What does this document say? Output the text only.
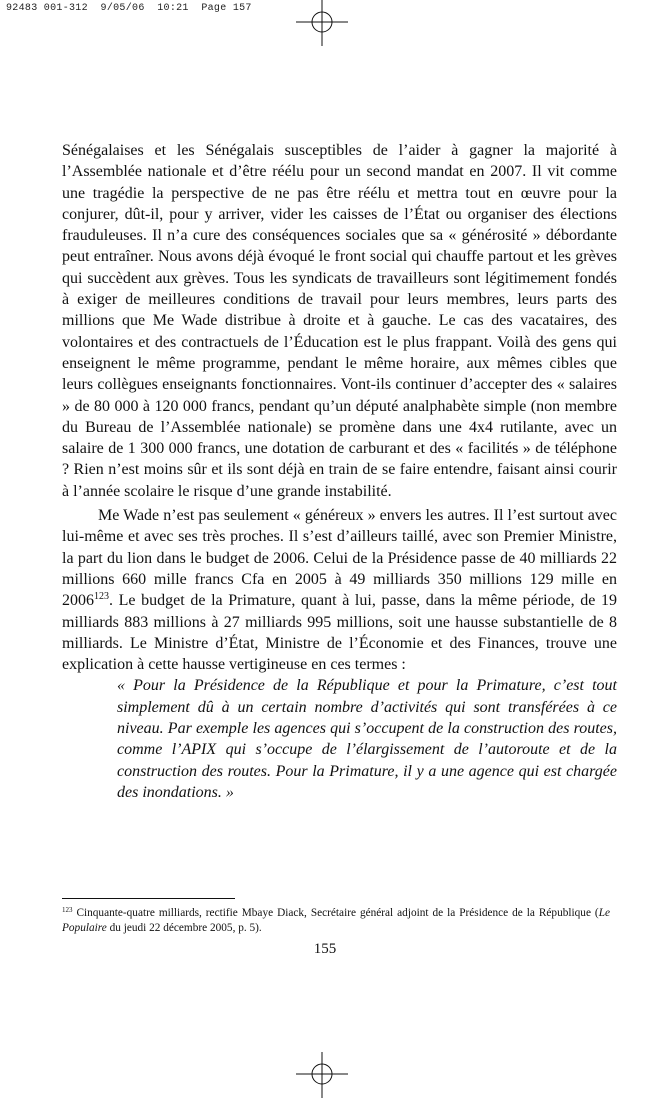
92483 001-312  9/05/06  10:21  Page 157

Sénégalaises et les Sénégalais susceptibles de l’aider à gagner la majorité à l’Assemblée nationale et d’être réélu pour un second mandat en 2007. Il vit comme une tragédie la perspective de ne pas être réélu et mettra tout en œuvre pour la conjurer, dût-il, pour y arriver, vider les caisses de l’État ou organiser des élections frauduleuses. Il n’a cure des conséquences sociales que sa « générosité » débordante peut entraîner. Nous avons déjà évoqué le front social qui chauffe partout et les grèves qui succèdent aux grèves. Tous les syndicats de travailleurs sont légitimement fondés à exiger de meilleures conditions de travail pour leurs membres, leurs parts des millions que Me Wade distribue à droite et à gauche. Le cas des vacataires, des volontaires et des contractuels de l’Éducation est le plus frappant. Voilà des gens qui enseignent le même programme, pendant le même horaire, aux mêmes cibles que leurs collègues enseignants fonctionnaires. Vont-ils continuer d’accepter des « salaires » de 80 000 à 120 000 francs, pendant qu’un député analphabète simple (non membre du Bureau de l’Assemblée nationale) se promène dans une 4x4 rutilante, avec un salaire de 1 300 000 francs, une dotation de carburant et des « facilités » de téléphone ? Rien n’est moins sûr et ils sont déjà en train de se faire entendre, faisant ainsi courir à l’année scolaire le risque d’une grande instabilité.

Me Wade n’est pas seulement « généreux » envers les autres. Il l’est surtout avec lui-même et avec ses très proches. Il s’est d’ailleurs taillé, avec son Premier Ministre, la part du lion dans le budget de 2006. Celui de la Présidence passe de 40 milliards 22 millions 660 mille francs Cfa en 2005 à 49 milliards 350 millions 129 mille en 2006$^{123}$. Le budget de la Primature, quant à lui, passe, dans la même période, de 19 milliards 883 millions à 27 milliards 995 millions, soit une hausse substantielle de 8 milliards. Le Ministre d’État, Ministre de l’Économie et des Finances, trouve une explication à cette hausse vertigineuse en ces termes :

« Pour la Présidence de la République et pour la Primature, c’est tout simplement dû à un certain nombre d’activités qui sont transférées à ce niveau. Par exemple les agences qui s’occupent de la construction des routes, comme l’APIX qui s’occupe de l’élargissement de l’autoroute et de la construction des routes. Pour la Primature, il y a une agence qui est chargée des inondations. »

$^{123}$ Cinquante-quatre milliards, rectifie Mbaye Diack, Secrétaire général adjoint de la Présidence de la République (Le Populaire du jeudi 22 décembre 2005, p. 5).
155
